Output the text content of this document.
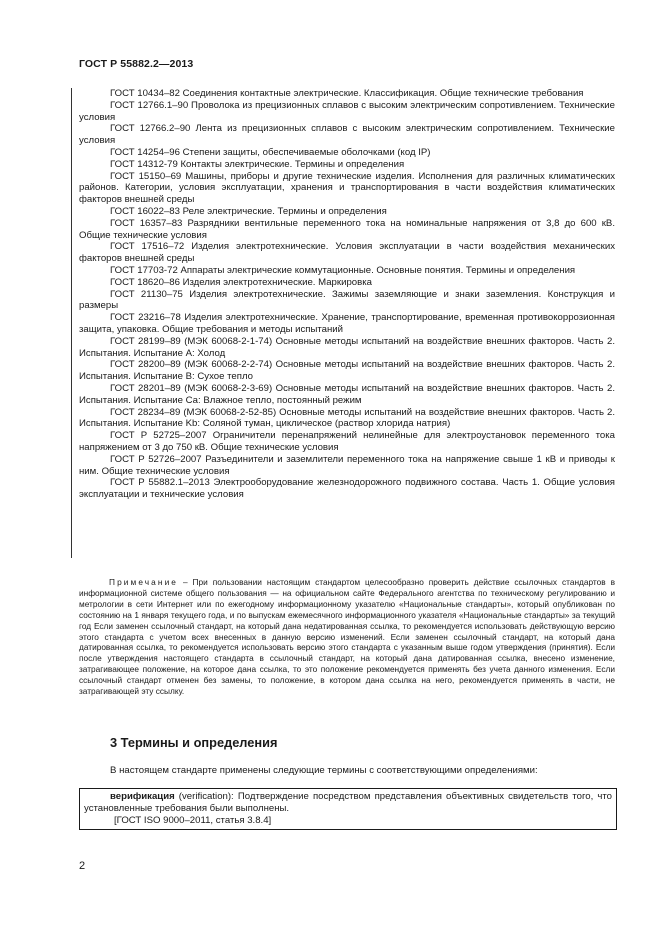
ГОСТ Р 55882.2—2013

ГОСТ 10434–82 Соединения контактные электрические. Классификация. Общие технические требования

ГОСТ 12766.1–90 Проволока из прецизионных сплавов с высоким электрическим сопротивлением. Технические условия

ГОСТ 12766.2–90 Лента из прецизионных сплавов с высоким электрическим сопротивлением. Технические условия

ГОСТ 14254–96 Степени защиты, обеспечиваемые оболочками (код IP)

ГОСТ 14312-79 Контакты электрические. Термины и определения

ГОСТ 15150–69 Машины, приборы и другие технические изделия. Исполнения для различных климатических районов. Категории, условия эксплуатации, хранения и транспортирования в части воздействия климатических факторов внешней среды

ГОСТ 16022–83 Реле электрические. Термины и определения

ГОСТ 16357–83 Разрядники вентильные переменного тока на номинальные напряжения от 3,8 до 600 кВ. Общие технические условия

ГОСТ 17516–72 Изделия электротехнические. Условия эксплуатации в части воздействия механических факторов внешней среды

ГОСТ 17703-72 Аппараты электрические коммутационные. Основные понятия. Термины и определения

ГОСТ 18620–86 Изделия электротехнические. Маркировка

ГОСТ 21130–75 Изделия электротехнические. Зажимы заземляющие и знаки заземления. Конструкция и размеры

ГОСТ 23216–78 Изделия электротехнические. Хранение, транспортирование, временная противокоррозионная защита, упаковка. Общие требования и методы испытаний

ГОСТ 28199–89 (МЭК 60068-2-1-74) Основные методы испытаний на воздействие внешних факторов. Часть 2. Испытания. Испытание А: Холод

ГОСТ 28200–89 (МЭК 60068-2-2-74) Основные методы испытаний на воздействие внешних факторов. Часть 2. Испытания. Испытание В: Сухое тепло

ГОСТ 28201–89 (МЭК 60068-2-3-69) Основные методы испытаний на воздействие внешних факторов. Часть 2. Испытания. Испытание Са: Влажное тепло, постоянный режим

ГОСТ 28234–89 (МЭК 60068-2-52-85) Основные методы испытаний на воздействие внешних факторов. Часть 2. Испытания. Испытание Kb: Соляной туман, циклическое (раствор хлорида натрия)

ГОСТ Р 52725–2007 Ограничители перенапряжений нелинейные для электроустановок переменного тока напряжением от 3 до 750 кВ. Общие технические условия

ГОСТ Р 52726–2007 Разъединители и заземлители переменного тока на напряжение свыше 1 кВ и приводы к ним. Общие технические условия

ГОСТ Р 55882.1–2013 Электрооборудование железнодорожного подвижного состава. Часть 1. Общие условия эксплуатации и технические условия

Примечание – При пользовании настоящим стандартом целесообразно проверить действие ссылочных стандартов в информационной системе общего пользования — на официальном сайте Федерального агентства по техническому регулированию и метрологии в сети Интернет или по ежегодному информационному указателю «Национальные стандарты», который опубликован по состоянию на 1 января текущего года, и по выпускам ежемесячного информационного указателя «Национальные стандарты» за текущий год Если заменен ссылочный стандарт, на который дана недатированная ссылка, то рекомендуется использовать действующую версию этого стандарта с учетом всех внесенных в данную версию изменений. Если заменен ссылочный стандарт, на который дана датированная ссылка, то рекомендуется использовать версию этого стандарта с указанным выше годом утверждения (принятия). Если после утверждения настоящего стандарта в ссылочный стандарт, на который дана датированная ссылка, внесено изменение, затрагивающее положение, на которое дана ссылка, то это положение рекомендуется применять без учета данного изменения. Если ссылочный стандарт отменен без замены, то положение, в котором дана ссылка на него, рекомендуется применять в части, не затрагивающей эту ссылку.
3 Термины и определения
В настоящем стандарте применены следующие термины с соответствующими определениями:

верификация (verification): Подтверждение посредством представления объективных свидетельств того, что установленные требования были выполнены.

[ГОСТ ISO 9000–2011, статья 3.8.4]

2
